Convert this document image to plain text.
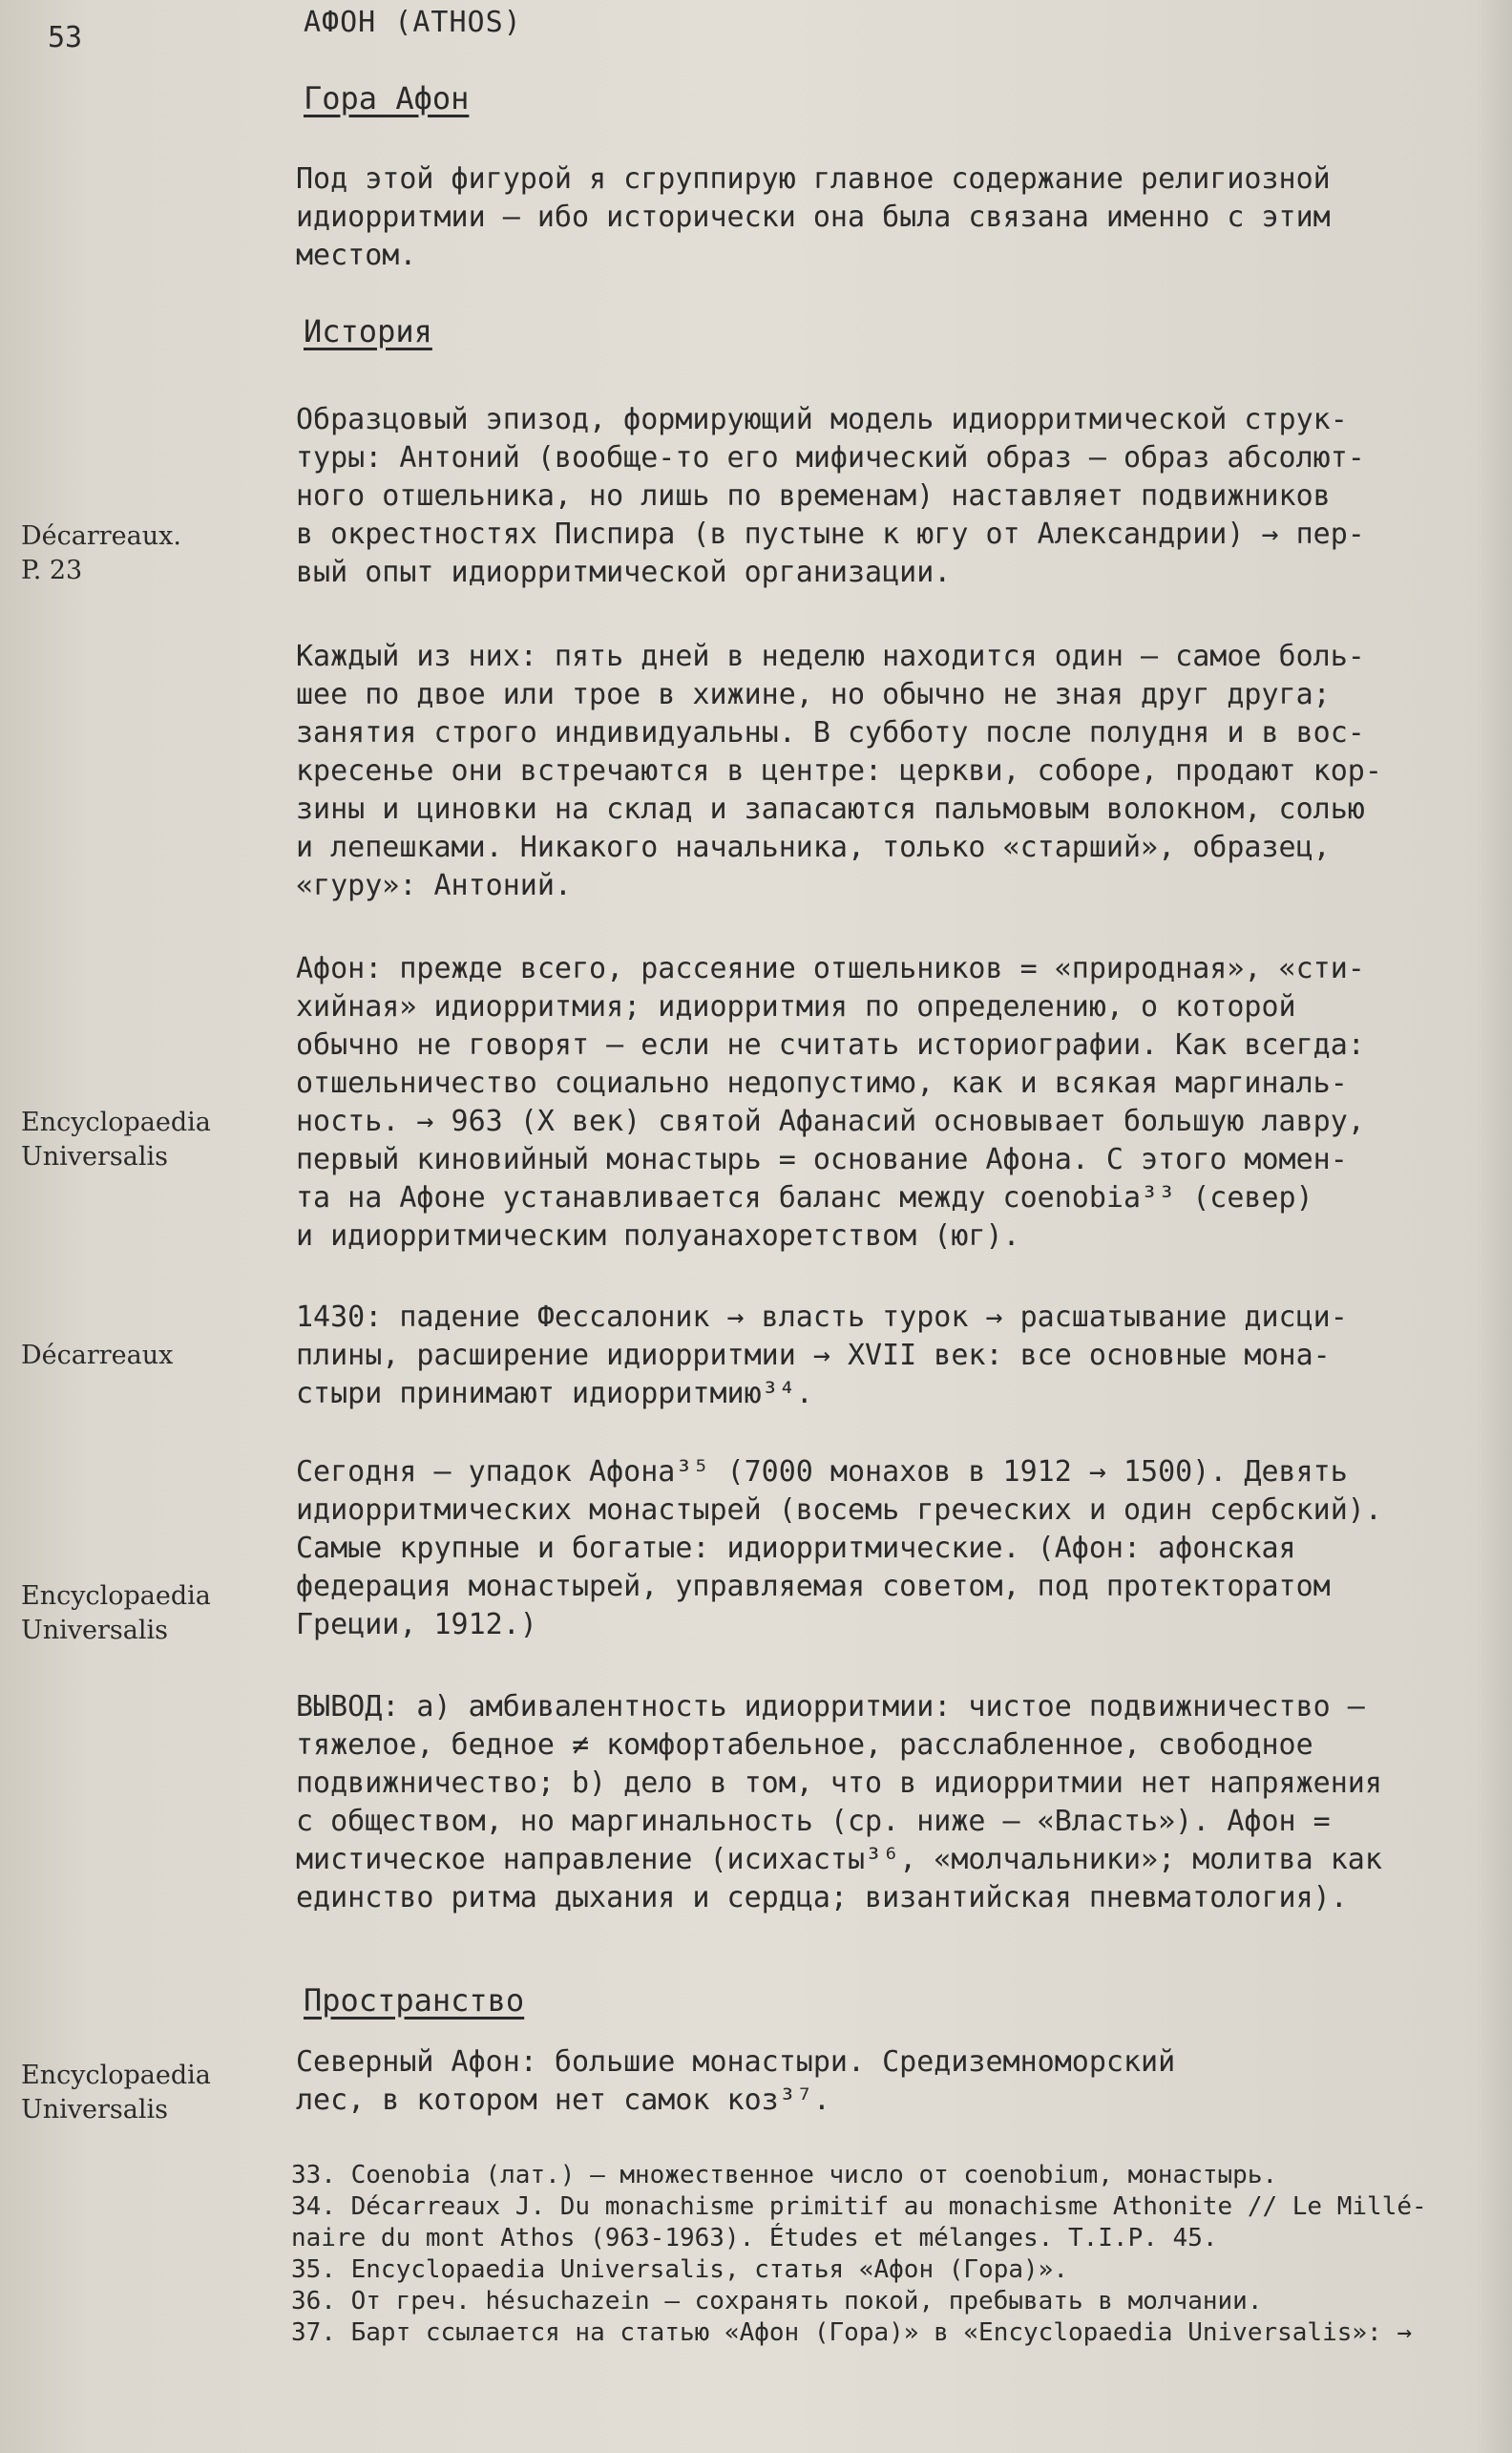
53	АФОН (ATHOS)
Гора Афон
Под этой фигурой я сгруппирую главное содержание религиозной
идиорритмии – ибо исторически она была связана именно с этим
местом.
История
Образцовый эпизод, формирующий модель идиорритмической струк-
туры: Антоний (вообще-то его мифический образ – образ абсолют-
ного отшельника, но лишь по временам) наставляет подвижников
в окрестностях Писпира (в пустыне к югу от Александрии) → пер-
вый опыт идиорритмической организации.
Каждый из них: пять дней в неделю находится один – самое боль-
шее по двое или трое в хижине, но обычно не зная друг друга;
занятия строго индивидуальны. В субботу после полудня и в вос-
кресенье они встречаются в центре: церкви, соборе, продают кор-
зины и циновки на склад и запасаются пальмовым волокном, солью
и лепешками. Никакого начальника, только «старший», образец,
«гуру»: Антоний.
Афон: прежде всего, рассеяние отшельников = «природная», «сти-
хийная» идиорритмия; идиорритмия по определению, о которой
обычно не говорят – если не считать историографии. Как всегда:
отшельничество социально недопустимо, как и всякая маргиналь-
ность. → 963 (X век) святой Афанасий основывает большую лавру,
первый киновийный монастырь = основание Афона. С этого момен-
та на Афоне устанавливается баланс между coenobia³³ (север)
и идиорритмическим полуанахоретством (юг).
1430: падение Фессалоник → власть турок → расшатывание дисци-
плины, расширение идиорритмии → XVII век: все основные мона-
стыри принимают идиорритмию³⁴.
Сегодня – упадок Афона³⁵ (7000 монахов в 1912 → 1500). Девять
идиорритмических монастырей (восемь греческих и один сербский).
Самые крупные и богатые: идиорритмические. (Афон: афонская
федерация монастырей, управляемая советом, под протекторатом
Греции, 1912.)
ВЫВОД: a) амбивалентность идиорритмии: чистое подвижничество –
тяжелое, бедное ≠ комфортабельное, расслабленное, свободное
подвижничество; b) дело в том, что в идиорритмии нет напряжения
с обществом, но маргинальность (ср. ниже – «Власть»). Афон =
мистическое направление (исихасты³⁶, «молчальники»; молитва как
единство ритма дыхания и сердца; византийская пневматология).
Пространство
Северный Афон: большие монастыри. Средиземноморский
лес, в котором нет самок коз³⁷.
Décarreaux.
P. 23
Encyclopaedia
Universalis
Décarreaux
Encyclopaedia
Universalis
Encyclopaedia
Universalis
33. Coenobia (лат.) – множественное число от coenobium, монастырь.
34. Décarreaux J. Du monachisme primitif au monachisme Athonite // Le Millé-
naire du mont Athos (963-1963). Études et mélanges. T.I.P. 45.
35. Encyclopaedia Universalis, статья «Афон (Гора)».
36. От греч. hésuchazein – сохранять покой, пребывать в молчании.
37. Барт ссылается на статью «Афон (Гора)» в «Encyclopaedia Universalis»: →
